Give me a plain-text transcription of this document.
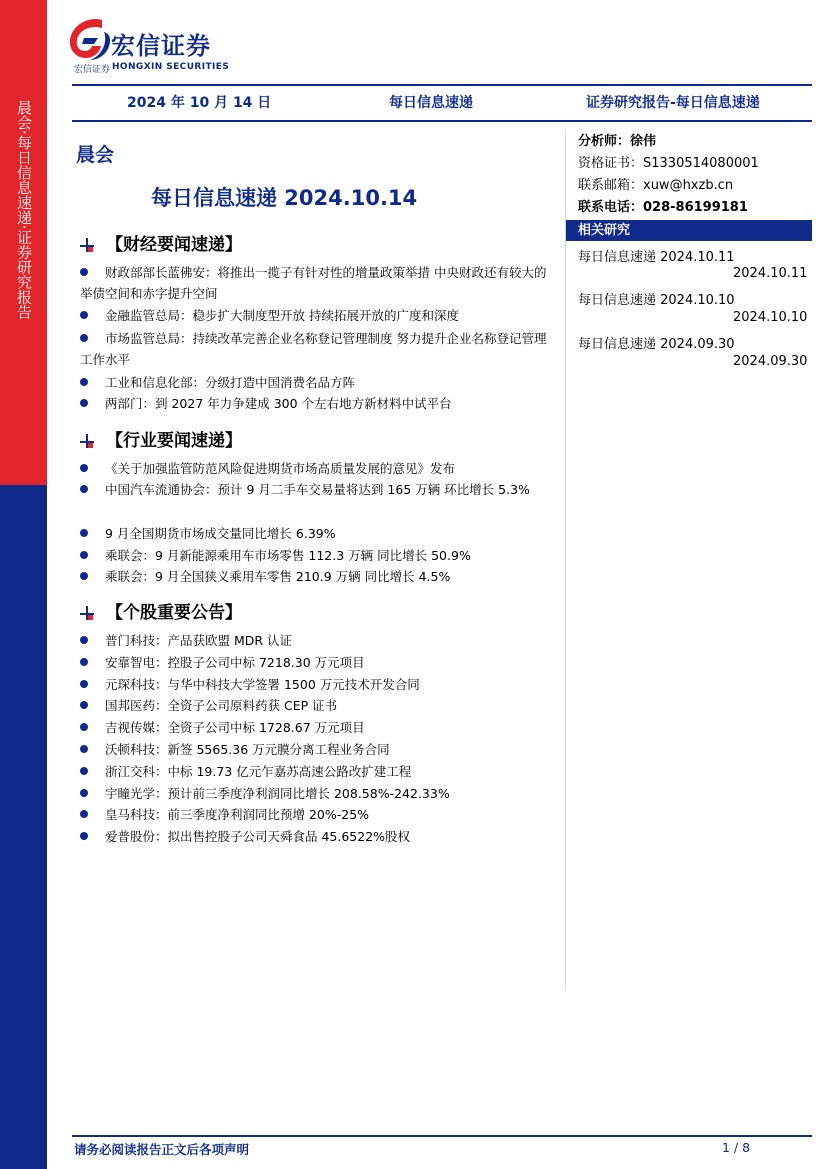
晨会·每日信息速递·证券研究报告
宏信证券
宏信证券 HONGXIN SECURITIES
2024 年 10 月 14 日	每日信息速递	证券研究报告-每日信息速递
分析师：徐伟
资格证书：S1330514080001
联系邮箱：xuw@hxzb.cn
联系电话：028-86199181
相关研究
每日信息速递 2024.10.11
2024.10.11
每日信息速递 2024.10.10
2024.10.10
每日信息速递 2024.09.30
2024.09.30
晨会
每日信息速递 2024.10.14
【财经要闻速递】
财政部部长蓝佛安：将推出一揽子有针对性的增量政策举措 中央财政还有较大的举债空间和赤字提升空间
金融监管总局：稳步扩大制度型开放 持续拓展开放的广度和深度
市场监管总局：持续改革完善企业名称登记管理制度 努力提升企业名称登记管理工作水平
工业和信息化部：分级打造中国消费名品方阵
两部门：到 2027 年力争建成 300 个左右地方新材料中试平台
【行业要闻速递】
《关于加强监管防范风险促进期货市场高质量发展的意见》发布
中国汽车流通协会：预计 9 月二手车交易量将达到 165 万辆 环比增长 5.3%
9 月全国期货市场成交量同比增长 6.39%
乘联会：9 月新能源乘用车市场零售 112.3 万辆 同比增长 50.9%
乘联会：9 月全国狭义乘用车零售 210.9 万辆 同比增长 4.5%
【个股重要公告】
普门科技：产品获欧盟 MDR 认证
安靠智电：控股子公司中标 7218.30 万元项目
元琛科技：与华中科技大学签署 1500 万元技术开发合同
国邦医药：全资子公司原料药获 CEP 证书
吉视传媒：全资子公司中标 1728.67 万元项目
沃顿科技：新签 5565.36 万元膜分离工程业务合同
浙江交科：中标 19.73 亿元乍嘉苏高速公路改扩建工程
宇瞳光学：预计前三季度净利润同比增长 208.58%-242.33%
皇马科技：前三季度净利润同比预增 20%-25%
爱普股份：拟出售控股子公司天舜食品 45.6522%股权
请务必阅读报告正文后各项声明	1 / 8
